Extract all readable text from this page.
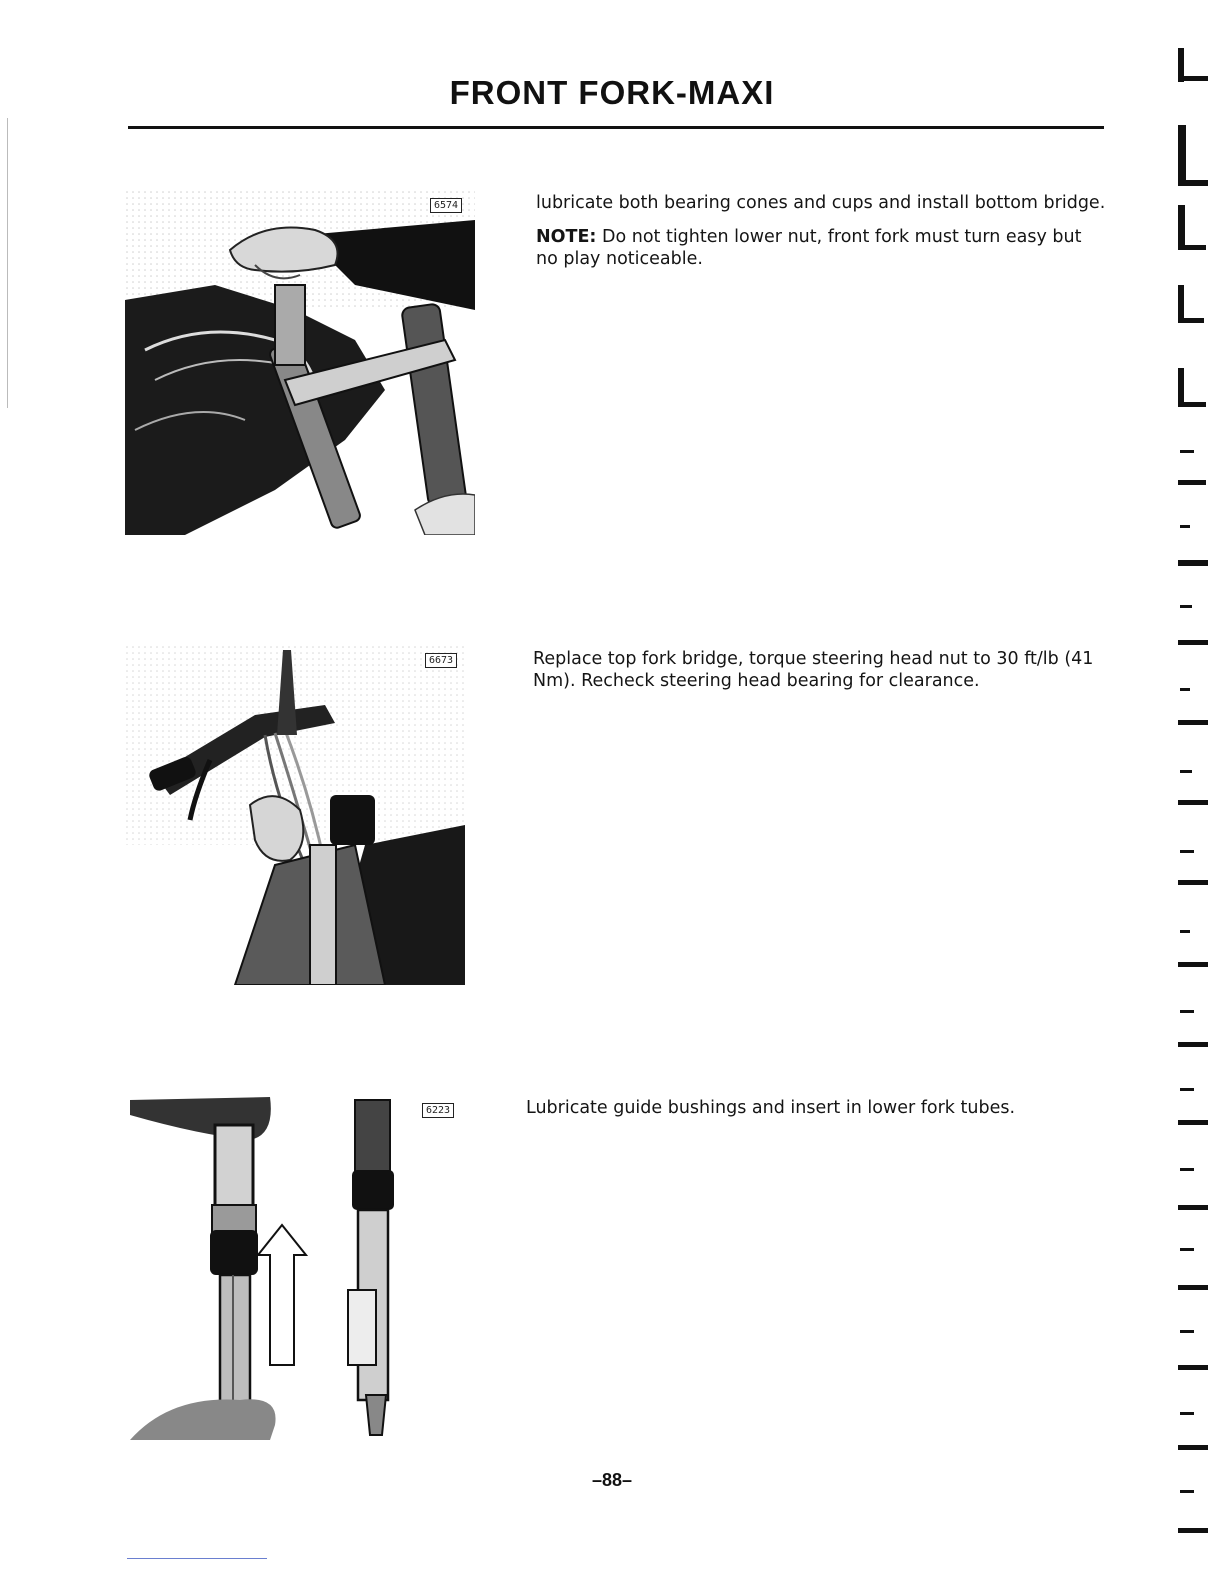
FRONT FORK-MAXI
6574	lubricate both bearing cones and cups and install bottom bridge.
NOTE: Do not tighten lower nut, front fork must turn easy but no play noticeable.
6673	Replace top fork bridge, torque steering head nut to 30 ft/lb (41 Nm). Recheck steering head bearing for clearance.
6223	Lubricate guide bushings and insert in lower fork tubes.
–88–
